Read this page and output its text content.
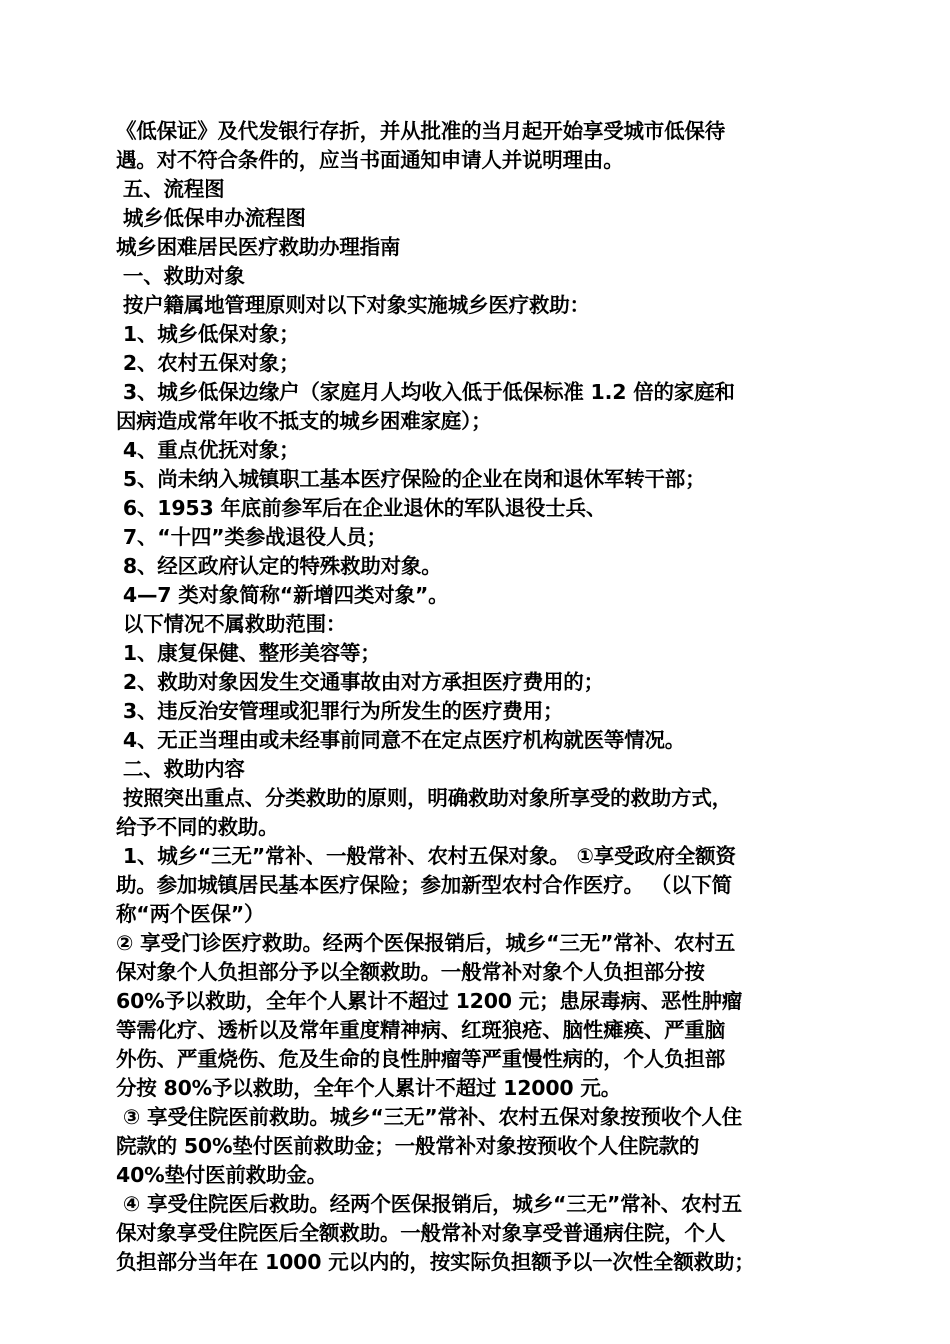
《低保证》及代发银行存折，并从批准的当月起开始享受城市低保待
遇。对不符合条件的，应当书面通知申请人并说明理由。
五、流程图
城乡低保申办流程图
城乡困难居民医疗救助办理指南
一、救助对象
按户籍属地管理原则对以下对象实施城乡医疗救助：
1、城乡低保对象；
2、农村五保对象；
3、城乡低保边缘户（家庭月人均收入低于低保标准 1.2 倍的家庭和
因病造成常年收不抵支的城乡困难家庭）；
4、重点优抚对象；
5、尚未纳入城镇职工基本医疗保险的企业在岗和退休军转干部；
6、1953 年底前参军后在企业退休的军队退役士兵、
7、“十四”类参战退役人员；
8、经区政府认定的特殊救助对象。
4—7 类对象简称“新增四类对象”。
以下情况不属救助范围：
1、康复保健、整形美容等；
2、救助对象因发生交通事故由对方承担医疗费用的；
3、违反治安管理或犯罪行为所发生的医疗费用；
4、无正当理由或未经事前同意不在定点医疗机构就医等情况。
二、救助内容
按照突出重点、分类救助的原则，明确救助对象所享受的救助方式，
给予不同的救助。
1、城乡“三无”常补、一般常补、农村五保对象。 ①享受政府全额资
助。参加城镇居民基本医疗保险；参加新型农村合作医疗。 （以下简
称“两个医保”）
② 享受门诊医疗救助。经两个医保报销后，城乡“三无”常补、农村五
保对象个人负担部分予以全额救助。一般常补对象个人负担部分按
60%予以救助，全年个人累计不超过 1200 元；患尿毒病、恶性肿瘤
等需化疗、透析以及常年重度精神病、红斑狼疮、脑性瘫痪、严重脑
外伤、严重烧伤、危及生命的良性肿瘤等严重慢性病的，个人负担部
分按 80%予以救助，全年个人累计不超过 12000 元。
③ 享受住院医前救助。城乡“三无”常补、农村五保对象按预收个人住
院款的 50%垫付医前救助金；一般常补对象按预收个人住院款的
40%垫付医前救助金。
④ 享受住院医后救助。经两个医保报销后，城乡“三无”常补、农村五
保对象享受住院医后全额救助。一般常补对象享受普通病住院，个人
负担部分当年在 1000 元以内的，按实际负担额予以一次性全额救助；
